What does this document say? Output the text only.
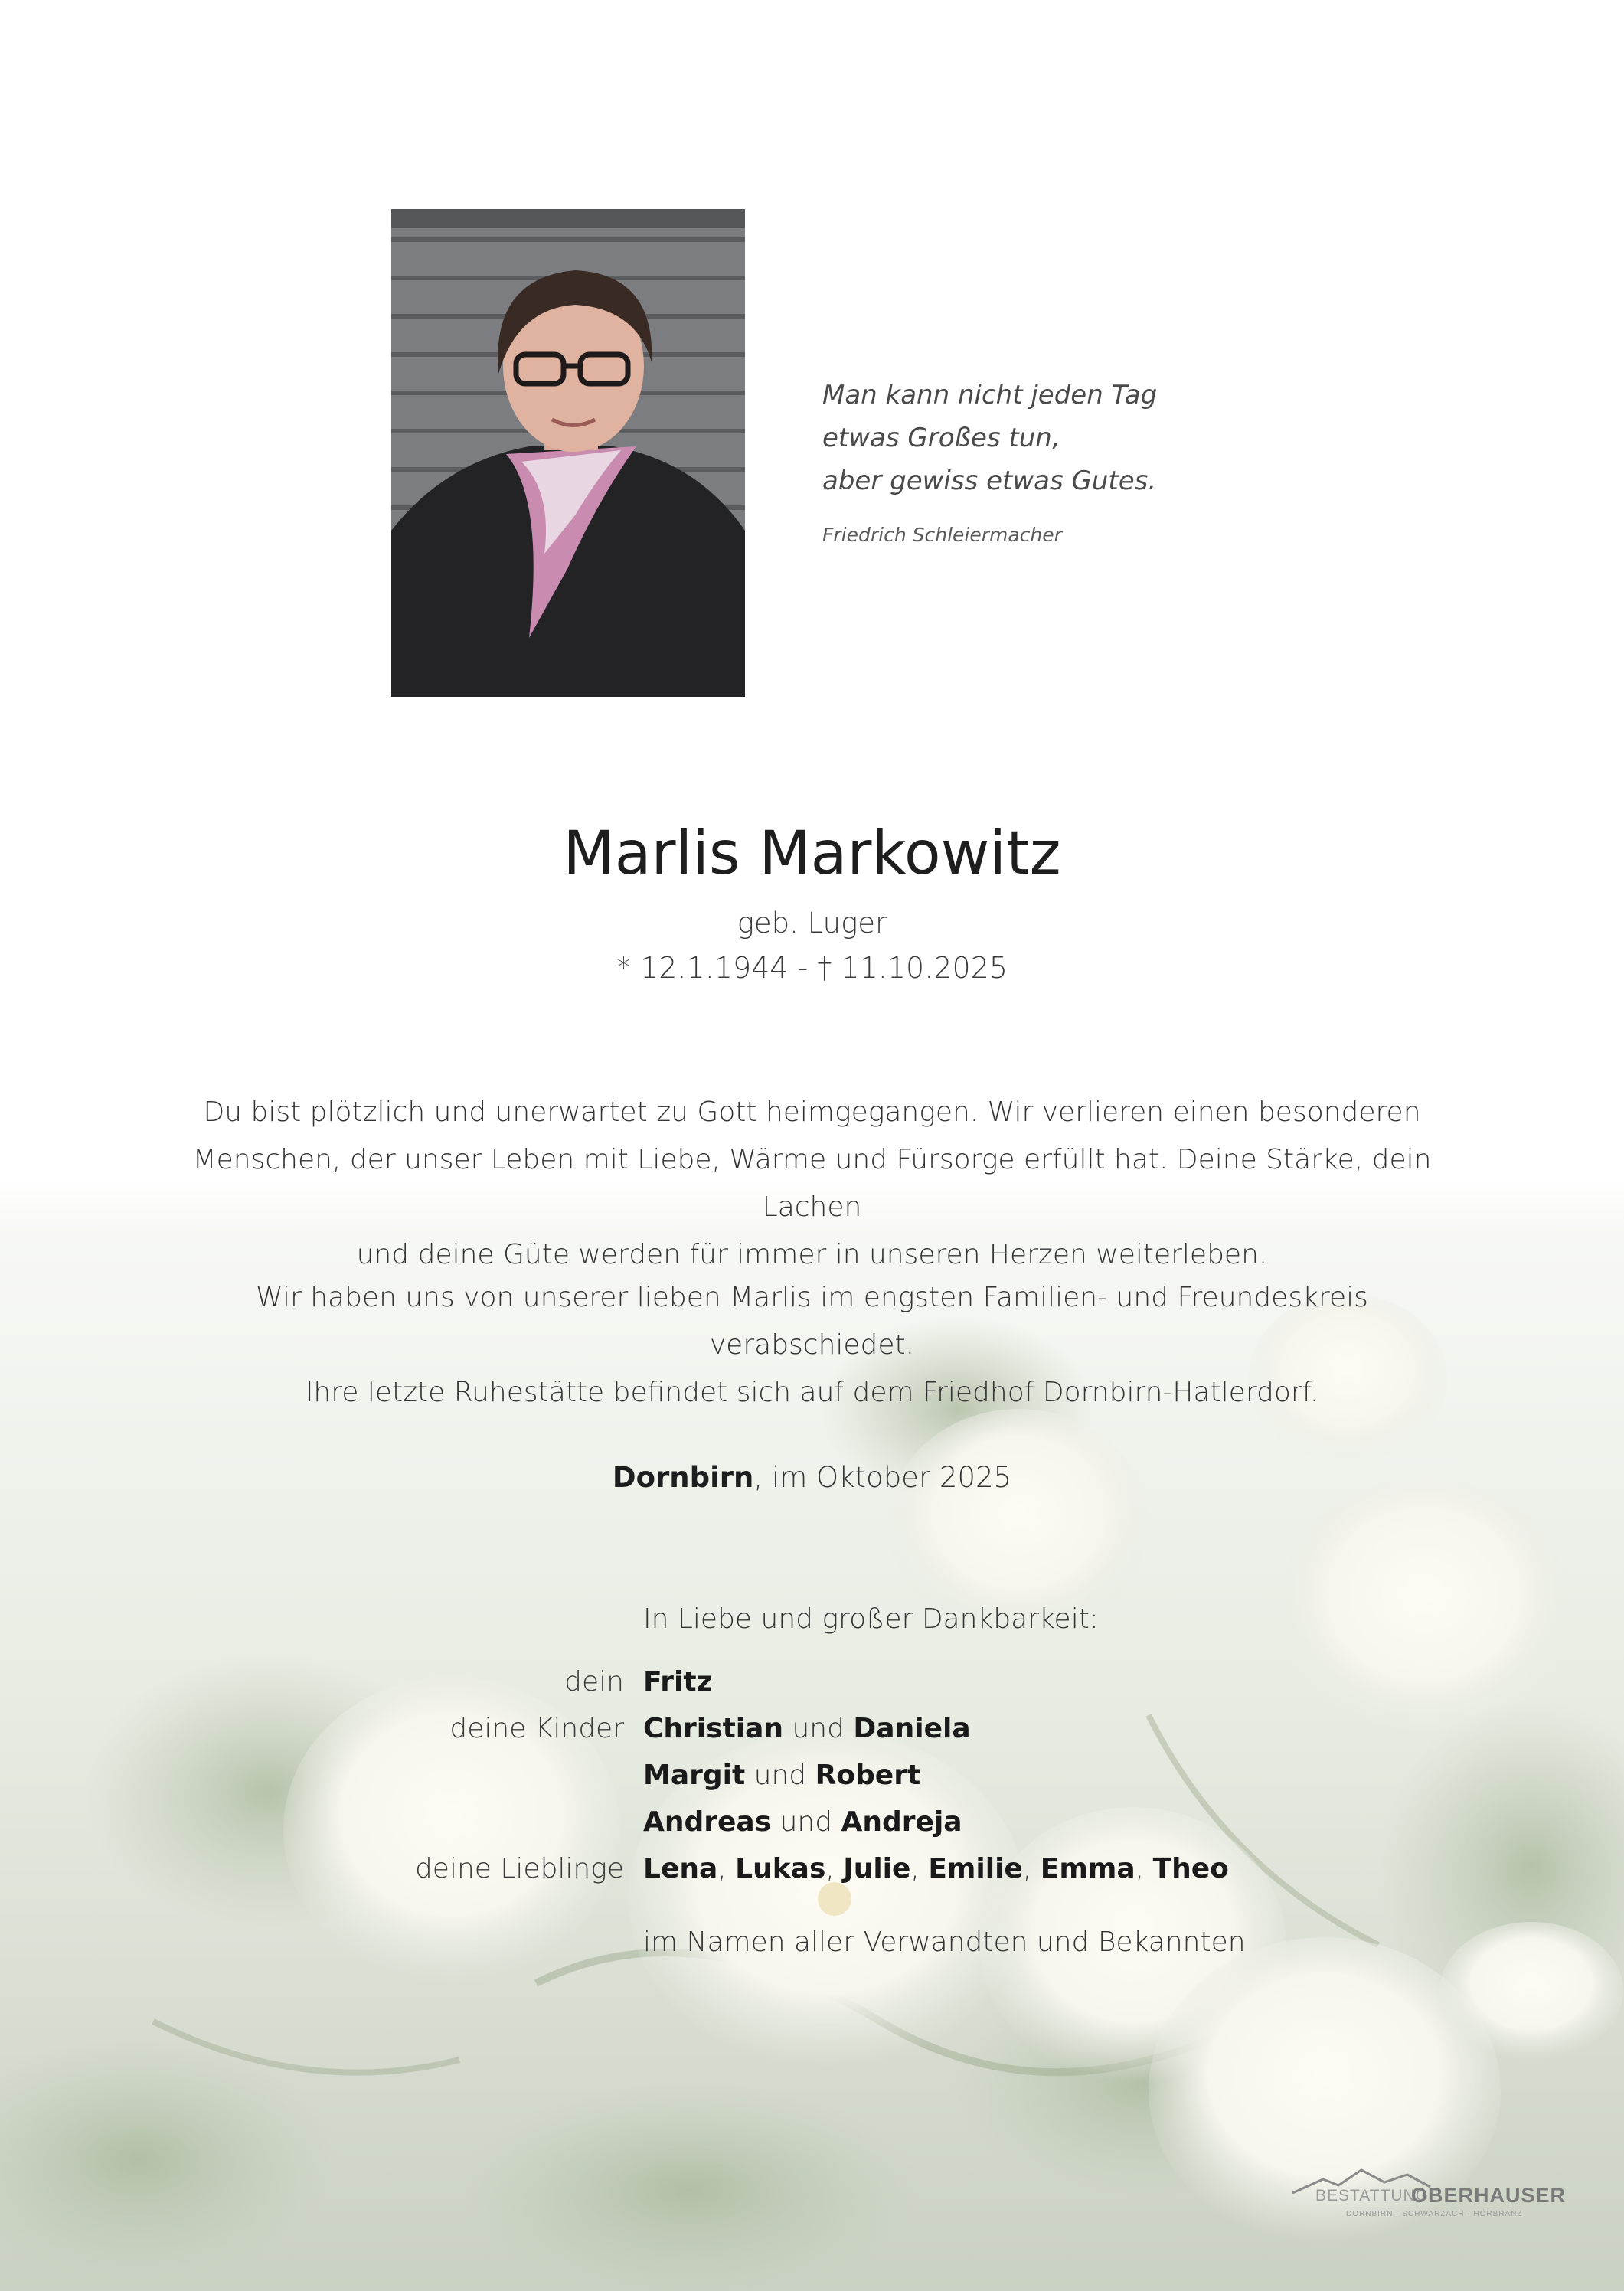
Man kann nicht jeden Tag
etwas Großes tun,
aber gewiss etwas Gutes.
Friedrich Schleiermacher
Marlis Markowitz
geb. Luger
* 12.1.1944 - † 11.10.2025
Du bist plötzlich und unerwartet zu Gott heimgegangen. Wir verlieren einen besonderen
Menschen, der unser Leben mit Liebe, Wärme und Fürsorge erfüllt hat. Deine Stärke, dein Lachen
und deine Güte werden für immer in unseren Herzen weiterleben.
Wir haben uns von unserer lieben Marlis im engsten Familien- und Freundeskreis verabschiedet.
Ihre letzte Ruhestätte befindet sich auf dem Friedhof Dornbirn-Hatlerdorf.
Dornbirn, im Oktober 2025
In Liebe und großer Dankbarkeit:
dein Fritz
deine Kinder Christian und Daniela
Margit und Robert
Andreas und Andreja
deine Lieblinge Lena, Lukas, Julie, Emilie, Emma, Theo
im Namen aller Verwandten und Bekannten
BESTATTUNG
OBERHAUSER
DORNBIRN · SCHWARZACH · HÖRBRANZ
